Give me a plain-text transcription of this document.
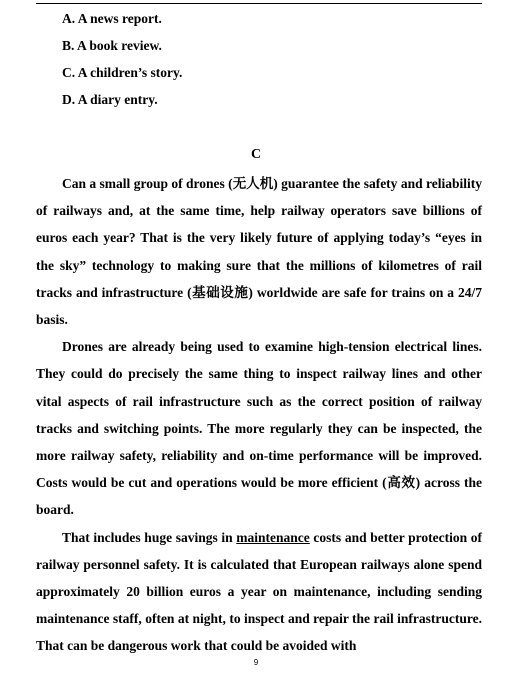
A. A news report.
B. A book review.
C. A children’s story.
D. A diary entry.
C

Can a small group of drones (无人机) guarantee the safety and reliability of railways and, at the same time, help railway operators save billions of euros each year? That is the very likely future of applying today’s “eyes in the sky” technology to making sure that the millions of kilometres of rail tracks and infrastructure (基础设施) worldwide are safe for trains on a 24/7 basis.

Drones are already being used to examine high-tension electrical lines. They could do precisely the same thing to inspect railway lines and other vital aspects of rail infrastructure such as the correct position of railway tracks and switching points. The more regularly they can be inspected, the more railway safety, reliability and on-time performance will be improved. Costs would be cut and operations would be more efficient (高效) across the board.

That includes huge savings in maintenance costs and better protection of railway personnel safety. It is calculated that European railways alone spend approximately 20 billion euros a year on maintenance, including sending maintenance staff, often at night, to inspect and repair the rail infrastructure. That can be dangerous work that could be avoided with

9
